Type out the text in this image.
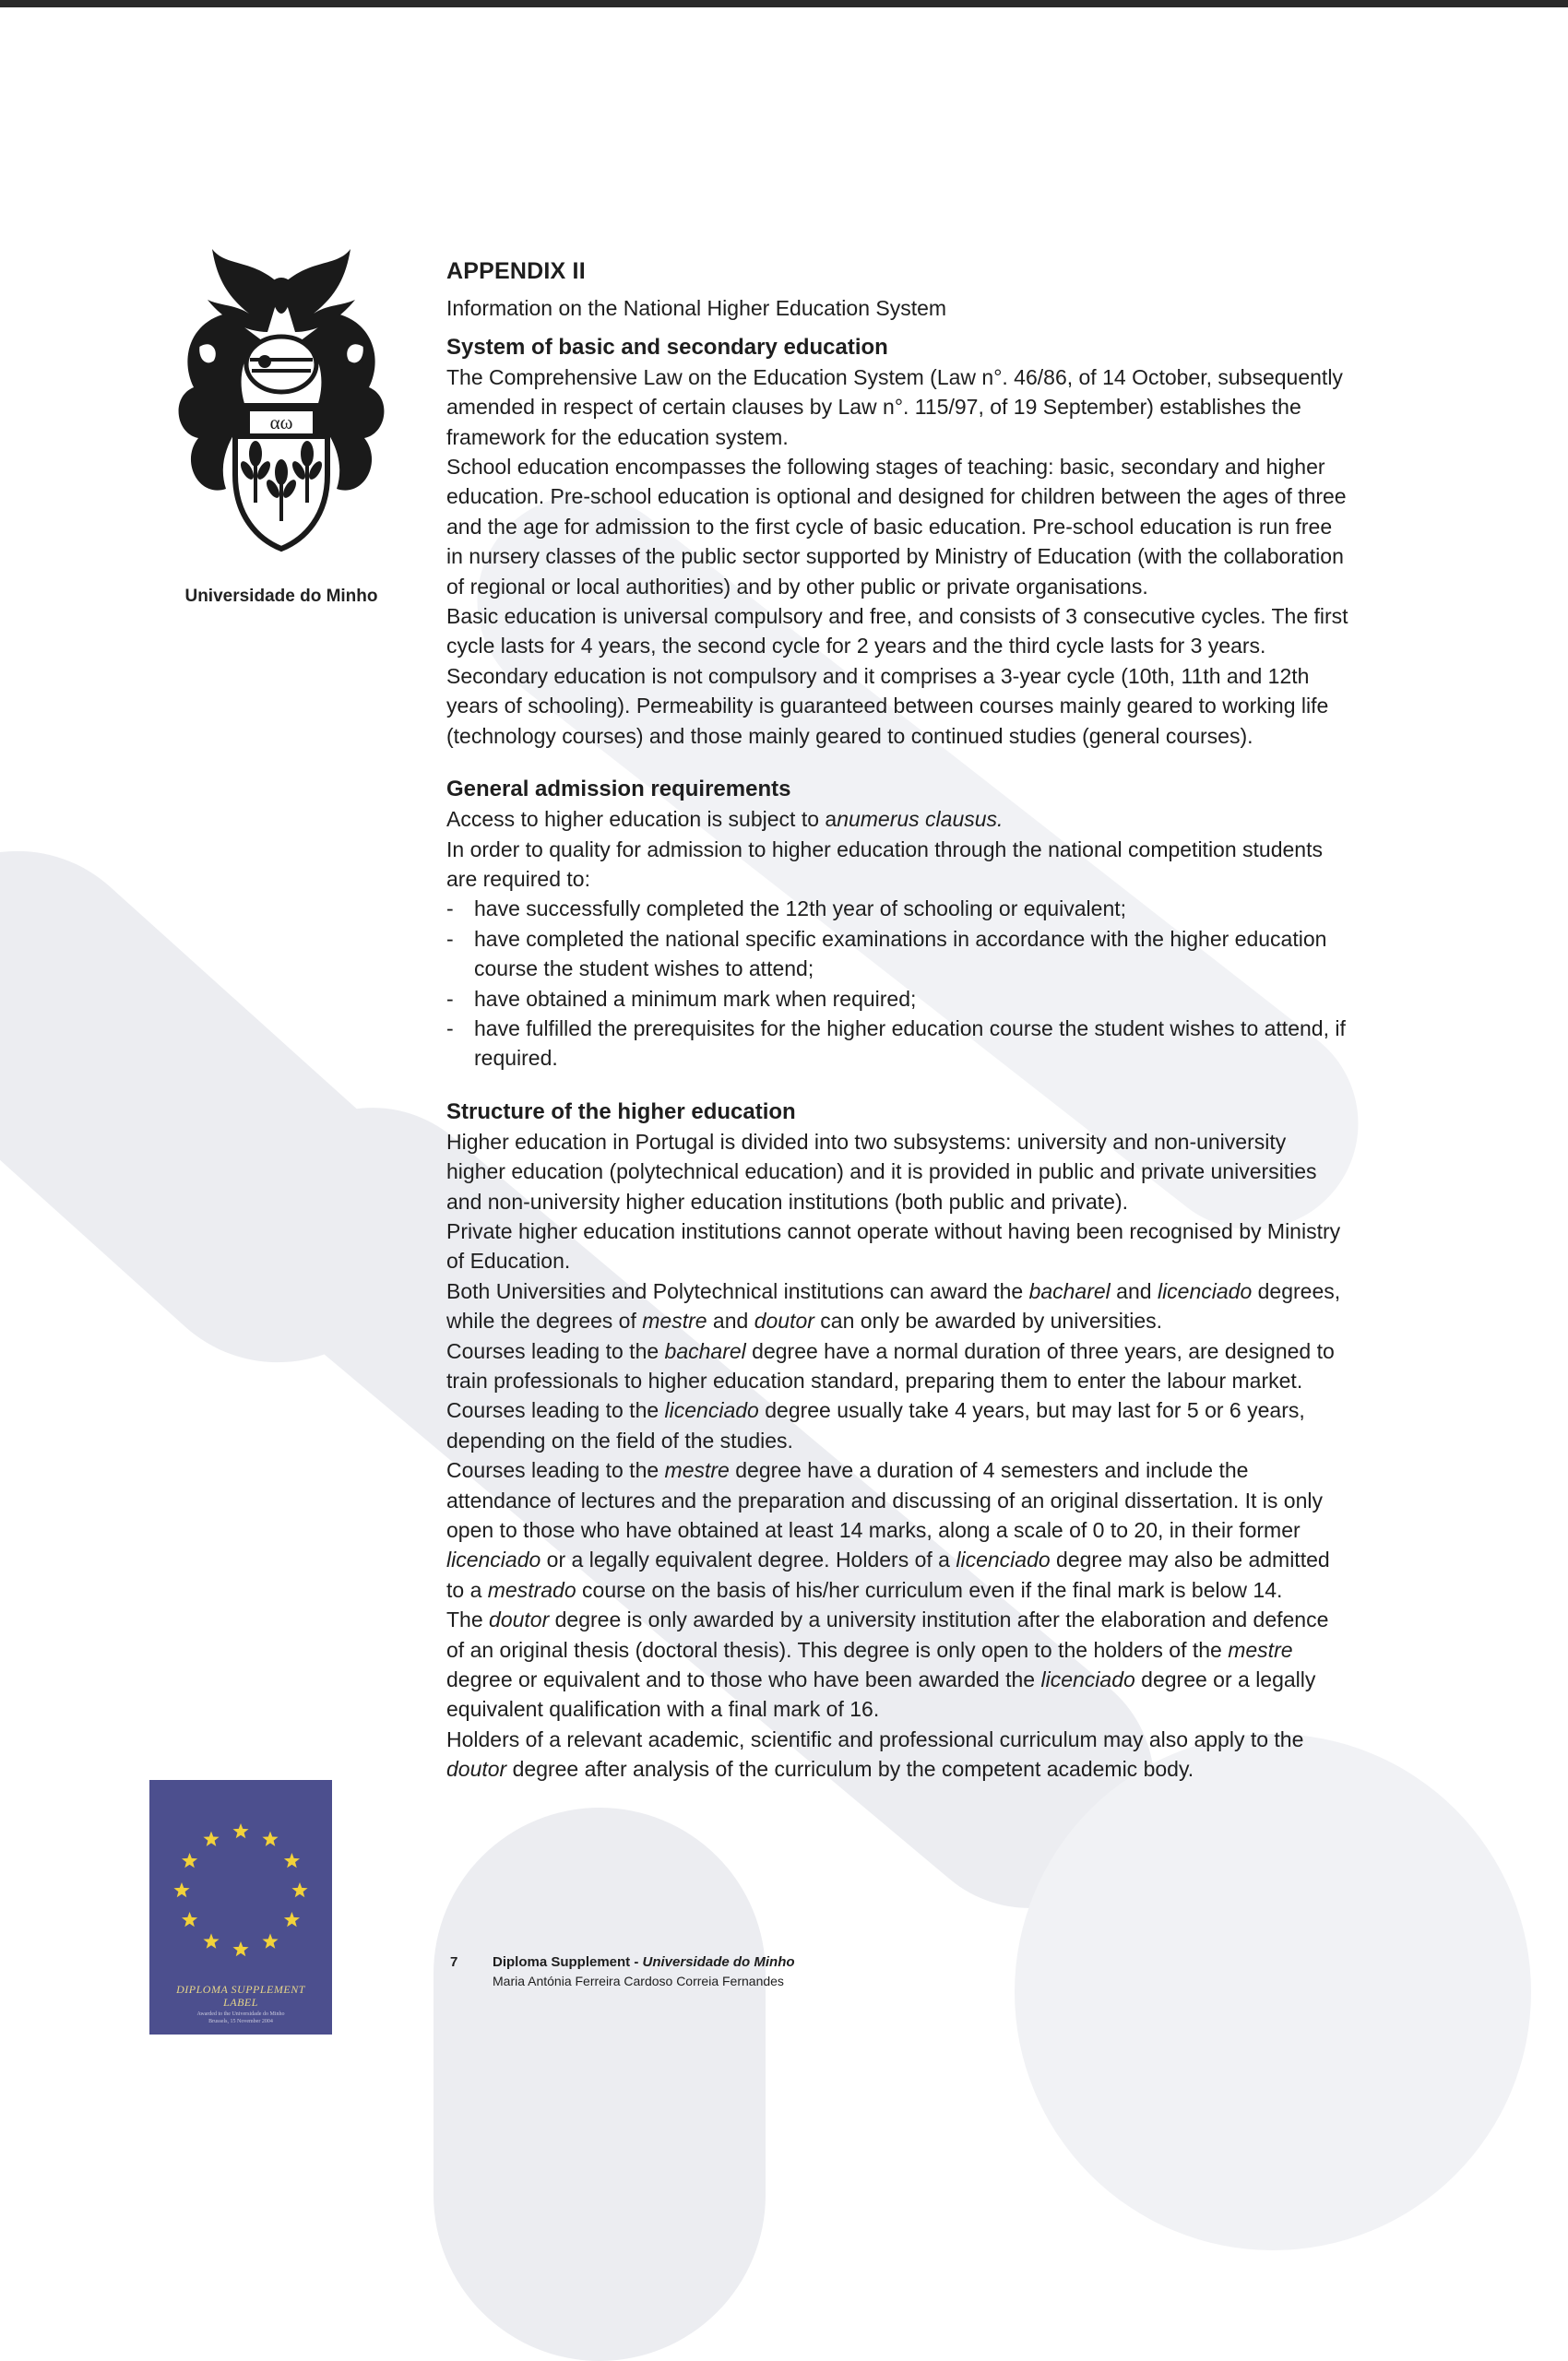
αω
Universidade do Minho
APPENDIX II

Information on the National Higher Education System

System of basic and secondary education

The Comprehensive Law on the Education System (Law n°. 46/86, of 14 October, subsequently amended in respect of certain clauses by Law n°. 115/97, of 19 September) establishes the framework for the education system.

School education encompasses the following stages of teaching: basic, secondary and higher education. Pre-school education is optional and designed for children between the ages of three and the age for admission to the first cycle of basic education. Pre-school education is run free in nursery classes of the public sector supported by Ministry of Education (with the collaboration of regional or local authorities) and by other public or private organisations.

Basic education is universal compulsory and free, and consists of 3 consecutive cycles. The first cycle lasts for 4 years, the second cycle for 2 years and the third cycle lasts for 3 years.

Secondary education is not compulsory and it comprises a 3-year cycle (10th, 11th and 12th years of schooling). Permeability is guaranteed between courses mainly geared to working life (technology courses) and those mainly geared to continued studies (general courses).

General admission requirements

Access to higher education is subject to anumerus clausus.

In order to quality for admission to higher education through the national competition students are required to:

- have successfully completed the 12th year of schooling or equivalent;
- have completed the national specific examinations in accordance with the higher education course the student wishes to attend;
- have obtained a minimum mark when required;
- have fulfilled the prerequisites for the higher education course the student wishes to attend, if required.
Structure of the higher education

Higher education in Portugal is divided into two subsystems: university and non-university higher education (polytechnical education) and it is provided in public and private universities and non-university higher education institutions (both public and private).

Private higher education institutions cannot operate without having been recognised by Ministry of Education.

Both Universities and Polytechnical institutions can award the bacharel and licenciado degrees, while the degrees of mestre and doutor can only be awarded by universities.

Courses leading to the bacharel degree have a normal duration of three years, are designed to train professionals to higher education standard, preparing them to enter the labour market.

Courses leading to the licenciado degree usually take 4 years, but may last for 5 or 6 years, depending on the field of the studies.

Courses leading to the mestre degree have a duration of 4 semesters and include the attendance of lectures and the preparation and discussing of an original dissertation. It is only open to those who have obtained at least 14 marks, along a scale of 0 to 20, in their former licenciado or a legally equivalent degree. Holders of a licenciado degree may also be admitted to a mestrado course on the basis of his/her curriculum even if the final mark is below 14.

The doutor degree is only awarded by a university institution after the elaboration and defence of an original thesis (doctoral thesis). This degree is only open to the holders of the mestre degree or equivalent and to those who have been awarded the licenciado degree or a legally equivalent qualification with a final mark of 16.

Holders of a relevant academic, scientific and professional curriculum may also apply to the doutor degree after analysis of the curriculum by the competent academic body.

DIPLOMA SUPPLEMENT
LABEL
Awarded to the Universidade do Minho
Brussels, 15 November 2004
7	Diploma Supplement - Universidade do Minho
Maria Antónia Ferreira Cardoso Correia Fernandes
